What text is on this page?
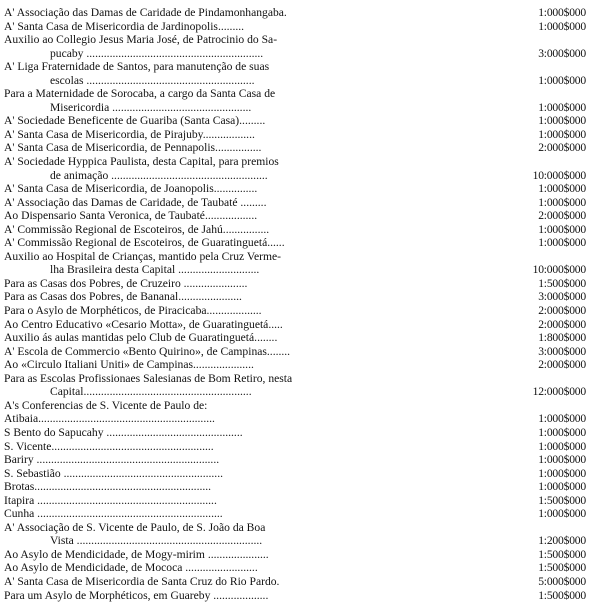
A' Associação das Damas de Caridade de Pindamonhangaba.	1:000$000
A' Santa Casa de Misericordia de Jardinopolis.........	1:000$000
Auxilio ao Collegio Jesus Maria José, de Patrocinio do Sa-
pucaby .............................................................	3:000$000
A' Liga Fraternidade de Santos, para manutenção de suas
escolas ..........................................................	1:000$000
Para a Maternidade de Sorocaba, a cargo da Santa Casa de
Misericordia ................................................	1:000$000
A' Sociedade Beneficente de Guariba (Santa Casa).........	1:000$000
A' Santa Casa de Misericordia, de Pirajuby..................	1:000$000
A' Santa Casa de Misericordia, de Pennapolis................	2:000$000
A' Sociedade Hyppica Paulista, desta Capital, para premios
de animação ......................................................	10:000$000
A' Santa Casa de Misericordia, de Joanopolis...............	1:000$000
A' Associação das Damas de Caridade, de Taubaté .........	1:000$000
Ao Dispensario Santa Veronica, de Taubaté..................	2:000$000
A' Commissão Regional de Escoteiros, de Jahú................	1:000$000
A' Commissão Regional de Escoteiros, de Guaratinguetá......	1:000$000
Auxilio ao Hospital de Crianças, mantido pela Cruz Verme-
lha Brasileira desta Capital ............................	10:000$000
Para as Casas dos Pobres, de Cruzeiro ......................	1:500$000
Para as Casas dos Pobres, de Bananal......................	3:000$000
Para o Asylo de Morphéticos, de Piracicaba...................	2:000$000
Ao Centro Educativo «Cesario Motta», de Guaratinguetá.....	2:000$000
Auxilio ás aulas mantidas pelo Club de Guaratinguetá........	1:800$000
A' Escola de Commercio «Bento Quirino», de Campinas........	3:000$000
Ao «Circulo Italiani Uniti» de Campinas.....................	2:000$000
Para as Escolas Profissionaes Salesianas de Bom Retiro, nesta
Capital..........................................................	12:000$000
A's Conferencias de S. Vicente de Paulo de:
Atibaia.............................................................	1:000$000
S Bento do Sapucahy ...............................................	1:000$000
S. Vicente........................................................	1:000$000
Bariry ...............................................................	1:000$000
S. Sebastião .......................................................	1:000$000
Brotas.............................................................	1:000$000
Itapira ..............................................................	1:500$000
Cunha ................................................................	1:000$000
A' Associação de S. Vicente de Paulo, de S. João da Boa
Vista ................................................................	1:200$000
Ao Asylo de Mendicidade, de Mogy-mirim .....................	1:500$000
Ao Asylo de Mendicidade, de Mococa .........................	1:500$000
A' Santa Casa de Misericordia de Santa Cruz do Rio Pardo.	5:000$000
Para um Asylo de Morphéticos, em Guareby ...................	1:500$000
